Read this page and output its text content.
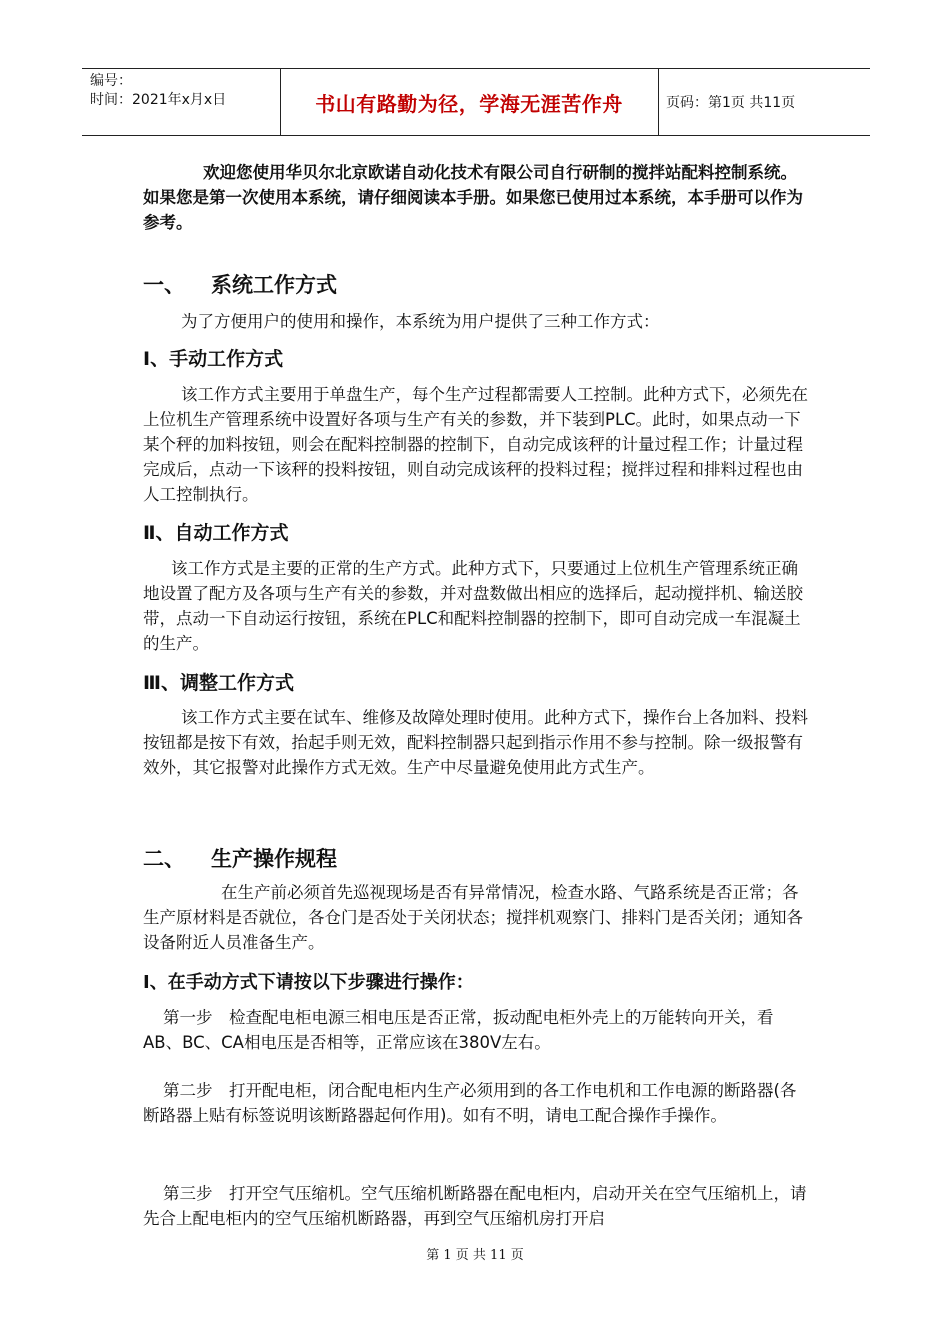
编号：
时间：2021年x月x日	书山有路勤为径，学海无涯苦作舟	页码：第1页 共11页

欢迎您使用华贝尔北京欧诺自动化技术有限公司自行研制的搅拌站配料控制系统。如果您是第一次使用本系统，请仔细阅读本手册。如果您已使用过本系统，本手册可以作为参考。

一、 系统工作方式

为了方便用户的使用和操作，本系统为用户提供了三种工作方式：

Ⅰ、手动工作方式

该工作方式主要用于单盘生产，每个生产过程都需要人工控制。此种方式下，必须先在上位机生产管理系统中设置好各项与生产有关的参数，并下装到PLC。此时，如果点动一下某个秤的加料按钮，则会在配料控制器的控制下，自动完成该秤的计量过程工作；计量过程完成后，点动一下该秤的投料按钮，则自动完成该秤的投料过程；搅拌过程和排料过程也由人工控制执行。

Ⅱ、自动工作方式

该工作方式是主要的正常的生产方式。此种方式下，只要通过上位机生产管理系统正确地设置了配方及各项与生产有关的参数，并对盘数做出相应的选择后，起动搅拌机、输送胶带，点动一下自动运行按钮，系统在PLC和配料控制器的控制下，即可自动完成一车混凝土的生产。

Ⅲ、调整工作方式

该工作方式主要在试车、维修及故障处理时使用。此种方式下，操作台上各加料、投料按钮都是按下有效，抬起手则无效，配料控制器只起到指示作用不参与控制。除一级报警有效外，其它报警对此操作方式无效。生产中尽量避免使用此方式生产。

二、 生产操作规程

在生产前必须首先巡视现场是否有异常情况，检查水路、气路系统是否正常；各生产原材料是否就位，各仓门是否处于关闭状态；搅拌机观察门、排料门是否关闭；通知各设备附近人员准备生产。

Ⅰ、在手动方式下请按以下步骤进行操作：

第一步　检查配电柜电源三相电压是否正常，扳动配电柜外壳上的万能转向开关，看AB、BC、CA相电压是否相等，正常应该在380V左右。

第二步　打开配电柜，闭合配电柜内生产必须用到的各工作电机和工作电源的断路器(各断路器上贴有标签说明该断路器起何作用)。如有不明，请电工配合操作手操作。

第三步　打开空气压缩机。空气压缩机断路器在配电柜内，启动开关在空气压缩机上，请先合上配电柜内的空气压缩机断路器，再到空气压缩机房打开启

第 1 页 共 11 页
